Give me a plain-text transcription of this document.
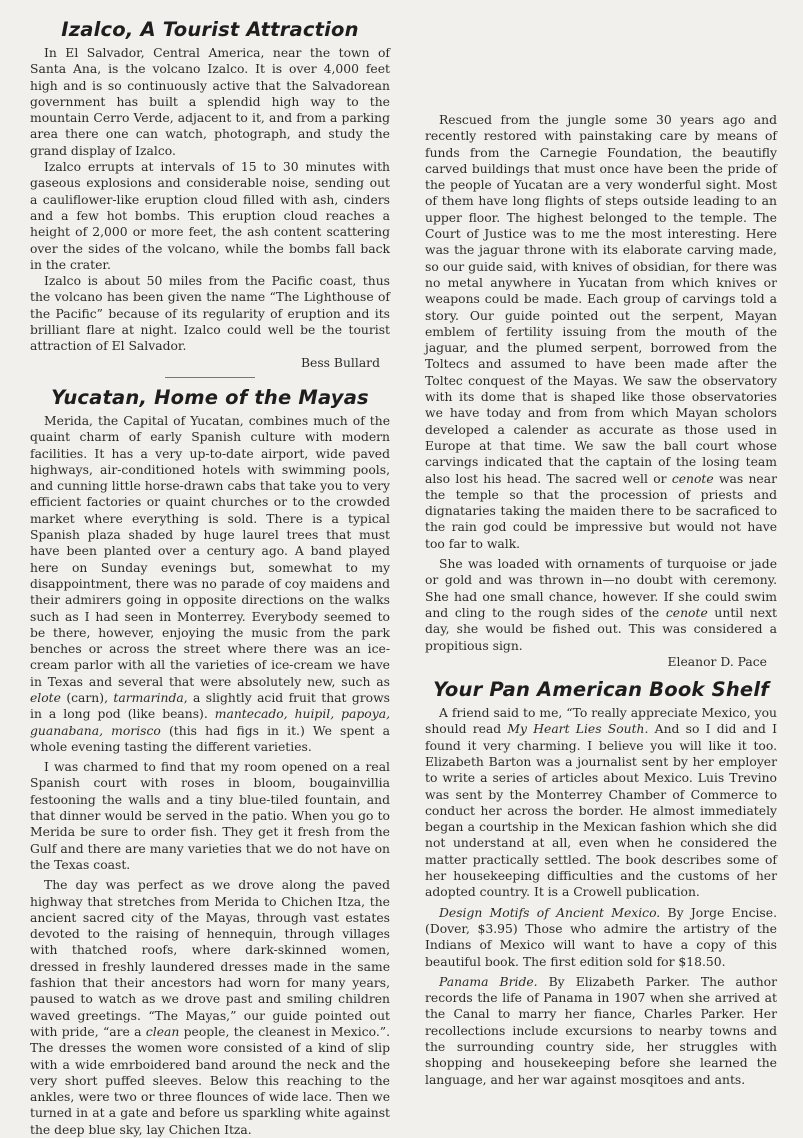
Izalco, A Tourist Attraction

In El Salvador, Central America, near the town of Santa Ana, is the volcano Izalco. It is over 4,000 feet high and is so continuously active that the Salvadorean government has built a splendid high way to the mountain Cerro Verde, adjacent to it, and from a parking area there one can watch, photograph, and study the grand display of Izalco.

Izalco errupts at intervals of 15 to 30 minutes with gaseous explosions and considerable noise, sending out a cauliflower-like eruption cloud filled with ash, cinders and a few hot bombs. This eruption cloud reaches a height of 2,000 or more feet, the ash content scattering over the sides of the volcano, while the bombs fall back in the crater.

Izalco is about 50 miles from the Pacific coast, thus the volcano has been given the name “The Lighthouse of the Pacific” because of its regularity of eruption and its brilliant flare at night. Izalco could well be the tourist attraction of El Salvador.

Bess Bullard
Yucatan, Home of the Mayas

Merida, the Capital of Yucatan, combines much of the quaint charm of early Spanish culture with modern facilities. It has a very up-to-date airport, wide paved highways, air-conditioned hotels with swimming pools, and cunning little horse-drawn cabs that take you to very efficient factories or quaint churches or to the crowded market where everything is sold. There is a typical Spanish plaza shaded by huge laurel trees that must have been planted over a century ago. A band played here on Sunday evenings but, somewhat to my disappointment, there was no parade of coy maidens and their admirers going in opposite directions on the walks such as I had seen in Monterrey. Everybody seemed to be there, however, enjoying the music from the park benches or across the street where there was an ice-cream parlor with all the varieties of ice-cream we have in Texas and several that were absolutely new, such as elote (carn), tarmarinda, a slightly acid fruit that grows in a long pod (like beans). mantecado, huipil, papoya, guanabana, morisco (this had figs in it.) We spent a whole evening tasting the different varieties.

I was charmed to find that my room opened on a real Spanish court with roses in bloom, bougainvillia festooning the walls and a tiny blue-tiled fountain, and that dinner would be served in the patio. When you go to Merida be sure to order fish. They get it fresh from the Gulf and there are many varieties that we do not have on the Texas coast.

The day was perfect as we drove along the paved highway that stretches from Merida to Chichen Itza, the ancient sacred city of the Mayas, through vast estates devoted to the raising of hennequin, through villages with thatched roofs, where dark-skinned women, dressed in freshly laundered dresses made in the same fashion that their ancestors had worn for many years, paused to watch as we drove past and smiling children waved greetings. “The Mayas,” our guide pointed out with pride, “are a clean people, the cleanest in Mexico.”. The dresses the women wore consisted of a kind of slip with a wide emrboidered band around the neck and the very short puffed sleeves. Below this reaching to the ankles, were two or three flounces of wide lace. Then we turned in at a gate and before us sparkling white against the deep blue sky, lay Chichen Itza.

Rescued from the jungle some 30 years ago and recently restored with painstaking care by means of funds from the Carnegie Foundation, the beautifly carved buildings that must once have been the pride of the people of Yucatan are a very wonderful sight. Most of them have long flights of steps outside leading to an upper floor. The highest belonged to the temple. The Court of Justice was to me the most interesting. Here was the jaguar throne with its elaborate carving made, so our guide said, with knives of obsidian, for there was no metal anywhere in Yucatan from which knives or weapons could be made. Each group of carvings told a story. Our guide pointed out the serpent, Mayan emblem of fertility issuing from the mouth of the jaguar, and the plumed serpent, borrowed from the Toltecs and assumed to have been made after the Toltec conquest of the Mayas. We saw the observatory with its dome that is shaped like those observatories we have today and from from which Mayan scholors developed a calender as accurate as those used in Europe at that time. We saw the ball court whose carvings indicated that the captain of the losing team also lost his head. The sacred well or cenote was near the temple so that the procession of priests and dignataries taking the maiden there to be sacraficed to the rain god could be impressive but would not have too far to walk.

She was loaded with ornaments of turquoise or jade or gold and was thrown in—no doubt with ceremony. She had one small chance, however. If she could swim and cling to the rough sides of the cenote until next day, she would be fished out. This was considered a propitious sign.

Eleanor D. Pace
Your Pan American Book Shelf

A friend said to me, “To really appreciate Mexico, you should read My Heart Lies South. And so I did and I found it very charming. I believe you will like it too. Elizabeth Barton was a journalist sent by her employer to write a series of articles about Mexico. Luis Trevino was sent by the Monterrey Chamber of Commerce to conduct her across the border. He almost immediately began a courtship in the Mexican fashion which she did not understand at all, even when he considered the matter practically settled. The book describes some of her housekeeping difficulties and the customs of her adopted country. It is a Crowell publication.

Design Motifs of Ancient Mexico. By Jorge Encise. (Dover, $3.95) Those who admire the artistry of the Indians of Mexico will want to have a copy of this beautiful book. The first edition sold for $18.50.

Panama Bride. By Elizabeth Parker. The author records the life of Panama in 1907 when she arrived at the Canal to marry her fiance, Charles Parker. Her recollections include excursions to nearby towns and the surrounding country side, her struggles with shopping and housekeeping before she learned the language, and her war against mosqitoes and ants.
